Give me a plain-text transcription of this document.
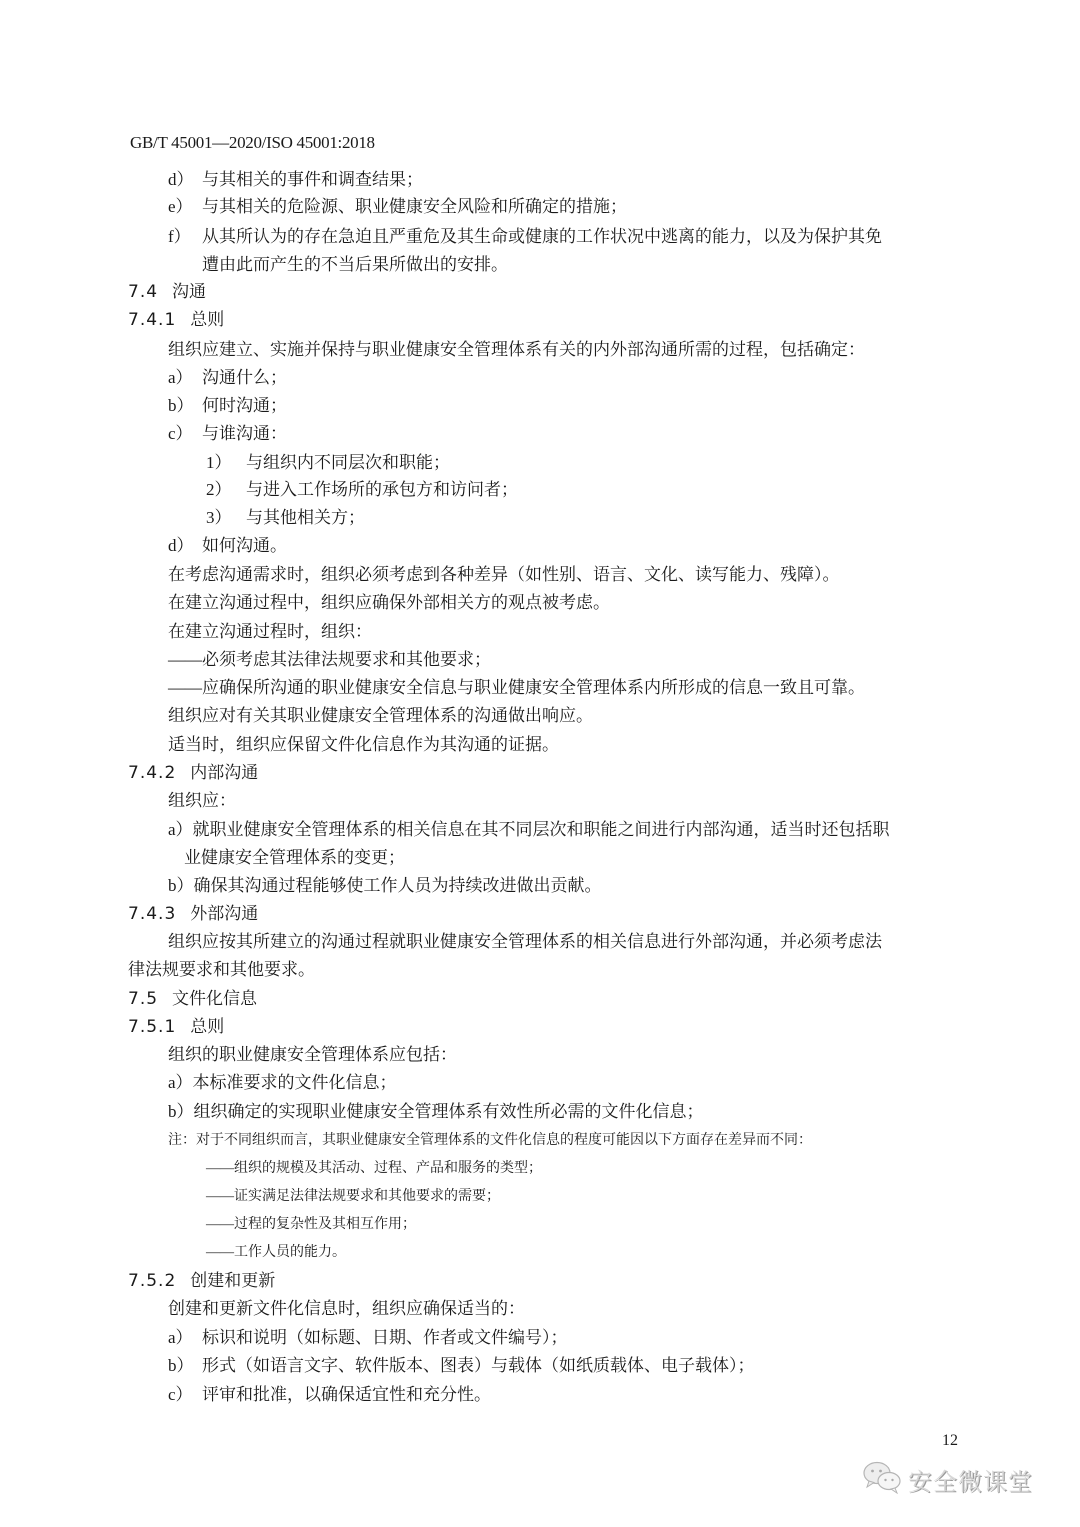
GB/T 45001—2020/ISO 45001:2018
d） 与其相关的事件和调查结果；
e） 与其相关的危险源、职业健康安全风险和所确定的措施；
f） 从其所认为的存在急迫且严重危及其生命或健康的工作状况中逃离的能力，以及为保护其免
遭由此而产生的不当后果所做出的安排。
7.4 沟通
7.4.1 总则
组织应建立、实施并保持与职业健康安全管理体系有关的内外部沟通所需的过程，包括确定：
a） 沟通什么；
b） 何时沟通；
c） 与谁沟通：
1） 与组织内不同层次和职能；
2） 与进入工作场所的承包方和访问者；
3） 与其他相关方；
d） 如何沟通。
在考虑沟通需求时，组织必须考虑到各种差异（如性别、语言、文化、读写能力、残障）。
在建立沟通过程中，组织应确保外部相关方的观点被考虑。
在建立沟通过程时，组织：
——必须考虑其法律法规要求和其他要求；
——应确保所沟通的职业健康安全信息与职业健康安全管理体系内所形成的信息一致且可靠。
组织应对有关其职业健康安全管理体系的沟通做出响应。
适当时，组织应保留文件化信息作为其沟通的证据。
7.4.2 内部沟通
组织应：
a）就职业健康安全管理体系的相关信息在其不同层次和职能之间进行内部沟通，适当时还包括职
业健康安全管理体系的变更；
b）确保其沟通过程能够使工作人员为持续改进做出贡献。
7.4.3 外部沟通
组织应按其所建立的沟通过程就职业健康安全管理体系的相关信息进行外部沟通，并必须考虑法
律法规要求和其他要求。
7.5 文件化信息
7.5.1 总则
组织的职业健康安全管理体系应包括：
a）本标准要求的文件化信息；
b）组织确定的实现职业健康安全管理体系有效性所必需的文件化信息；
注：对于不同组织而言，其职业健康安全管理体系的文件化信息的程度可能因以下方面存在差异而不同：
——组织的规模及其活动、过程、产品和服务的类型；
——证实满足法律法规要求和其他要求的需要；
——过程的复杂性及其相互作用；
——工作人员的能力。
7.5.2 创建和更新
创建和更新文件化信息时，组织应确保适当的：
a） 标识和说明（如标题、日期、作者或文件编号）；
b） 形式（如语言文字、软件版本、图表）与载体（如纸质载体、电子载体）；
c） 评审和批准，以确保适宜性和充分性。
12
安全微课堂
